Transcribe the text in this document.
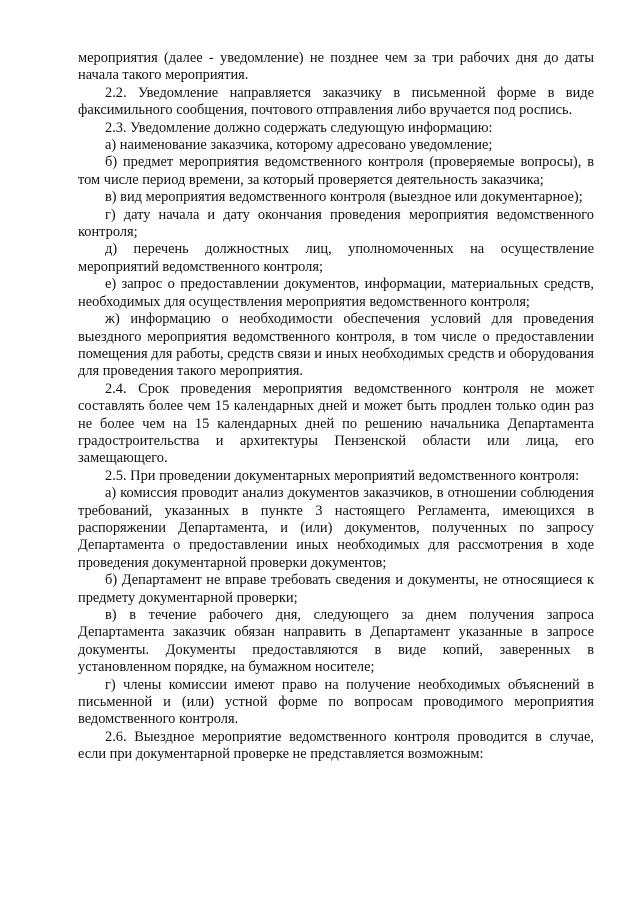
мероприятия (далее - уведомление) не позднее чем за три рабочих дня до даты начала такого мероприятия.

2.2. Уведомление направляется заказчику в письменной форме в виде факсимильного сообщения, почтового отправления либо вручается под роспись.

2.3. Уведомление должно содержать следующую информацию:

а) наименование заказчика, которому адресовано уведомление;

б) предмет мероприятия ведомственного контроля (проверяемые вопросы), в том числе период времени, за который проверяется деятельность заказчика;

в) вид мероприятия ведомственного контроля (выездное или документарное);

г) дату начала и дату окончания проведения мероприятия ведомственного контроля;

д) перечень должностных лиц, уполномоченных на осуществление мероприятий ведомственного контроля;

е) запрос о предоставлении документов, информации, материальных средств, необходимых для осуществления мероприятия ведомственного контроля;

ж) информацию о необходимости обеспечения условий для проведения выездного мероприятия ведомственного контроля, в том числе о предоставлении помещения для работы, средств связи и иных необходимых средств и оборудования для проведения такого мероприятия.

2.4. Срок проведения мероприятия ведомственного контроля не может составлять более чем 15 календарных дней и может быть продлен только один раз не более чем на 15 календарных дней по решению начальника Департамента градостроительства и архитектуры Пензенской области или лица, его замещающего.

2.5. При проведении документарных мероприятий ведомственного контроля:

а) комиссия проводит анализ документов заказчиков, в отношении соблюдения требований, указанных в пункте 3 настоящего Регламента, имеющихся в распоряжении Департамента, и (или) документов, полученных по запросу Департамента о предоставлении иных необходимых для рассмотрения в ходе проведения документарной проверки документов;

б) Департамент не вправе требовать сведения и документы, не относящиеся к предмету документарной проверки;

в) в течение рабочего дня, следующего за днем получения запроса Департамента заказчик обязан направить в Департамент указанные в запросе документы. Документы предоставляются в виде копий, заверенных в установленном порядке, на бумажном носителе;

г) члены комиссии имеют право на получение необходимых объяснений в письменной и (или) устной форме по вопросам проводимого мероприятия ведомственного контроля.

2.6. Выездное мероприятие ведомственного контроля проводится в случае, если при документарной проверке не представляется возможным:
